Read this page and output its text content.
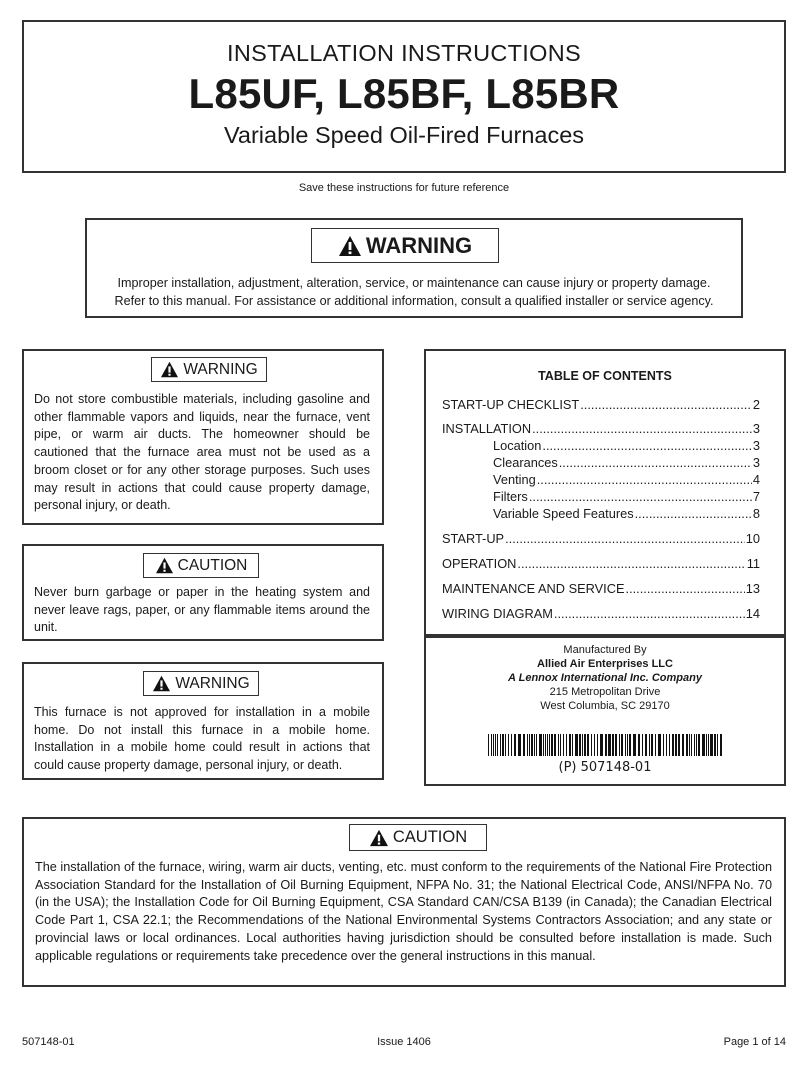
INSTALLATION INSTRUCTIONS
L85UF, L85BF, L85BR
Variable Speed Oil-Fired Furnaces
Save these instructions for future reference
WARNING
Improper installation, adjustment, alteration, service, or maintenance can cause injury or property damage.
Refer to this manual. For assistance or additional information, consult a qualified installer or service agency.
WARNING
Do not store combustible materials, including gasoline and other flammable vapors and liquids, near the furnace, vent pipe, or warm air ducts. The homeowner should be cautioned that the furnace area must not be used as a broom closet or for any other storage purposes. Such uses may result in actions that could cause property damage, personal injury, or death.
CAUTION
Never burn garbage or paper in the heating system and never leave rags, paper, or any flammable items around the unit.
WARNING
This furnace is not approved for installation in a mobile home. Do not install this furnace in a mobile home. Installation in a mobile home could result in actions that could cause property damage, personal injury, or death.
TABLE OF CONTENTS
START-UP CHECKLIST .....	2
INSTALLATION .....	3
Location .....	3
Clearances .....	3
Venting .....	4
Filters .....	7
Variable Speed Features .....	8
START-UP .....	10
OPERATION .....	11
MAINTENANCE AND SERVICE .....	13
WIRING DIAGRAM .....	14
Manufactured By
Allied Air Enterprises LLC
A Lennox International Inc. Company
215 Metropolitan Drive
West Columbia, SC 29170
(P) 507148-01
CAUTION
The installation of the furnace, wiring, warm air ducts, venting, etc. must conform to the requirements of the National Fire Protection Association Standard for the Installation of Oil Burning Equipment, NFPA No. 31; the National Electrical Code, ANSI/NFPA No. 70 (in the USA); the Installation Code for Oil Burning Equipment, CSA Standard CAN/CSA B139 (in Canada); the Canadian Electrical Code Part 1, CSA 22.1; the Recommendations of the National Environmental Systems Contractors Association; and any state or provincial laws or local ordinances. Local authorities having jurisdiction should be consulted before installation is made. Such applicable regulations or requirements take precedence over the general instructions in this manual.
507148-01	Issue 1406	Page 1 of 14
